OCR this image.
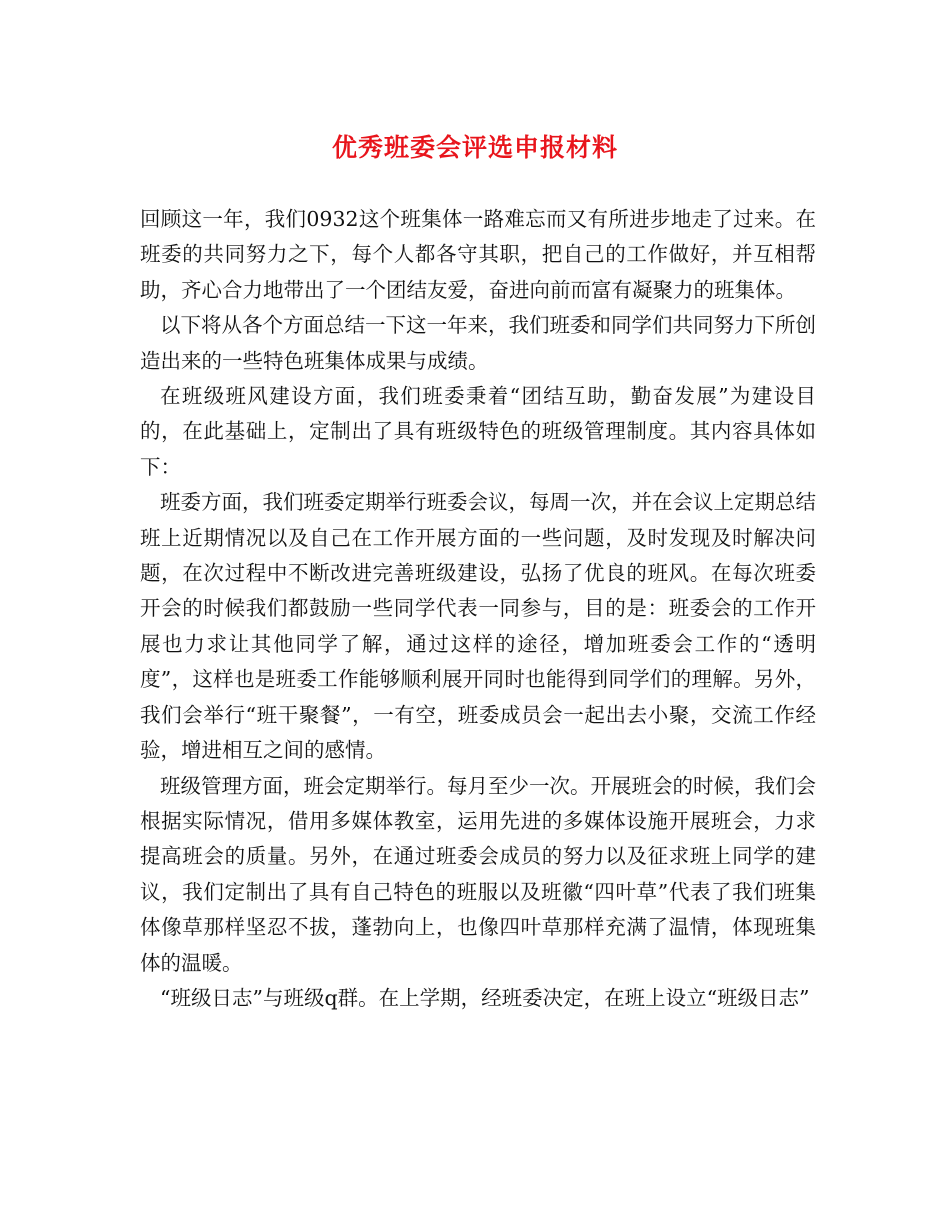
优秀班委会评选申报材料

回顾这一年，我们0932这个班集体一路难忘而又有所进步地走了过来。在班委的共同努力之下，每个人都各守其职，把自己的工作做好，并互相帮助，齐心合力地带出了一个团结友爱，奋进向前而富有凝聚力的班集体。

以下将从各个方面总结一下这一年来，我们班委和同学们共同努力下所创造出来的一些特色班集体成果与成绩。

在班级班风建设方面，我们班委秉着“团结互助，勤奋发展”为建设目的，在此基础上，定制出了具有班级特色的班级管理制度。其内容具体如下：

班委方面，我们班委定期举行班委会议，每周一次，并在会议上定期总结班上近期情况以及自己在工作开展方面的一些问题，及时发现及时解决问题，在次过程中不断改进完善班级建设，弘扬了优良的班风。在每次班委开会的时候我们都鼓励一些同学代表一同参与，目的是：班委会的工作开展也力求让其他同学了解，通过这样的途径，增加班委会工作的“透明度”，这样也是班委工作能够顺利展开同时也能得到同学们的理解。另外，我们会举行“班干聚餐”，一有空，班委成员会一起出去小聚，交流工作经验，增进相互之间的感情。

班级管理方面，班会定期举行。每月至少一次。开展班会的时候，我们会根据实际情况，借用多媒体教室，运用先进的多媒体设施开展班会，力求提高班会的质量。另外，在通过班委会成员的努力以及征求班上同学的建议，我们定制出了具有自己特色的班服以及班徽“四叶草”代表了我们班集体像草那样坚忍不拔，蓬勃向上，也像四叶草那样充满了温情，体现班集体的温暖。

“班级日志”与班级q群。在上学期，经班委决定，在班上设立“班级日志”
